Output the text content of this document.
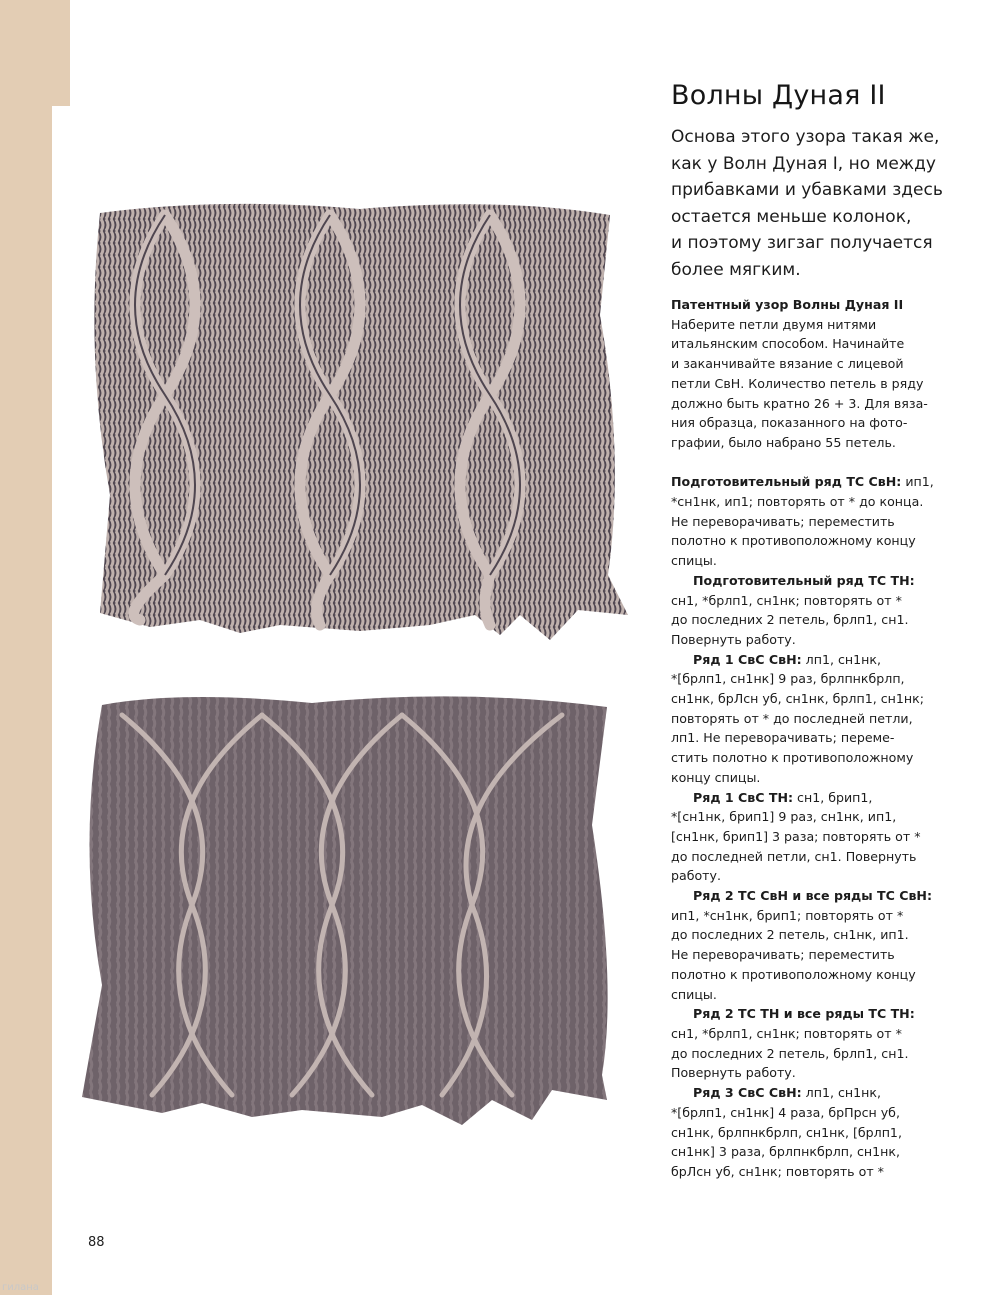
Волны Дуная II
Основа этого узора такая же,
как у Волн Дуная I, но между
прибавками и убавками здесь
остается меньше колонок,
и поэтому зигзаг получается
более мягким.
Патентный узор Волны Дуная II
Наберите петли двумя нитями
итальянским способом. Начинайте
и заканчивайте вязание с лицевой
петли СвН. Количество петель в ряду
должно быть кратно 26 + 3. Для вяза-
ния образца, показанного на фото-
графии, было набрано 55 петель.
Подготовительный ряд ТС СвН: ип1,
*сн1нк, ип1; повторять от * до конца.
Не переворачивать; переместить
полотно к противоположному концу
спицы.
Подготовительный ряд ТС ТН:
сн1, *брлп1, сн1нк; повторять от *
до последних 2 петель, брлп1, сн1.
Повернуть работу.
Ряд 1 СвС СвН: лп1, сн1нк,
*[брлп1, сн1нк] 9 раз, брлпнкбрлп,
сн1нк, брЛсн уб, сн1нк, брлп1, сн1нк;
повторять от * до последней петли,
лп1. Не переворачивать; переме-
стить полотно к противоположному
концу спицы.
Ряд 1 СвС ТН: сн1, брип1,
*[сн1нк, брип1] 9 раз, сн1нк, ип1,
[сн1нк, брип1] 3 раза; повторять от *
до последней петли, сн1. Повернуть
работу.
Ряд 2 ТС СвН и все ряды ТС СвН:
ип1, *сн1нк, брип1; повторять от *
до последних 2 петель, сн1нк, ип1.
Не переворачивать; переместить
полотно к противоположному концу
спицы.
Ряд 2 ТС ТН и все ряды ТС ТН:
сн1, *брлп1, сн1нк; повторять от *
до последних 2 петель, брлп1, сн1.
Повернуть работу.
Ряд 3 СвС СвН: лп1, сн1нк,
*[брлп1, сн1нк] 4 раза, брПрсн уб,
сн1нк, брлпнкбрлп, сн1нк, [брлп1,
сн1нк] 3 раза, брлпнкбрлп, сн1нк,
брЛсн уб, сн1нк; повторять от *
88
гилана
